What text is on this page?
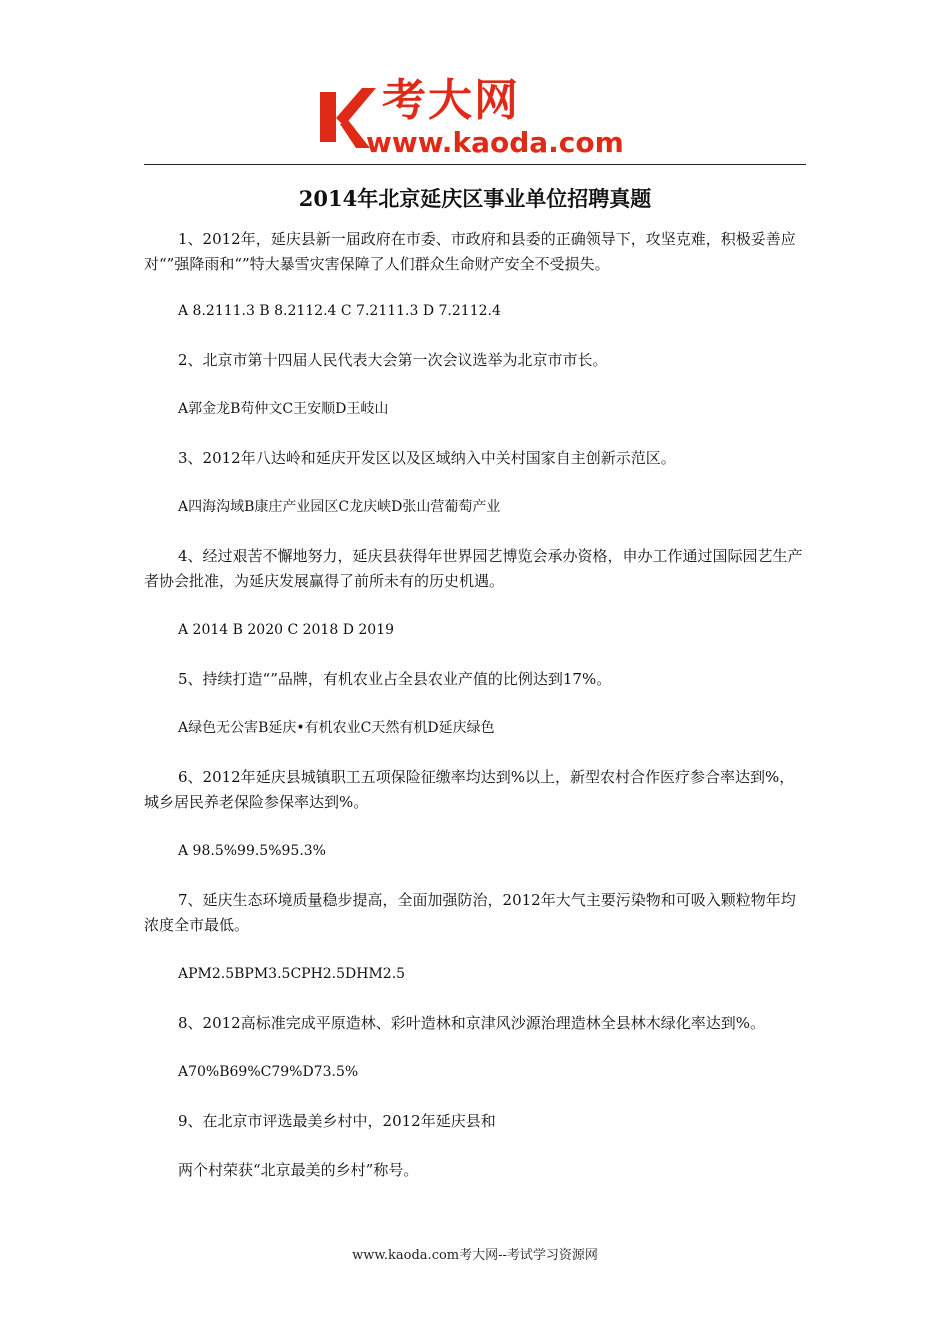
考大网
www.kaoda.com
2014年北京延庆区事业单位招聘真题

1、2012年，延庆县新一届政府在市委、市政府和县委的正确领导下，攻坚克难，积极妥善应对“”强降雨和“”特大暴雪灾害保障了人们群众生命财产安全不受损失。

A 8.2111.3 B 8.2112.4 C 7.2111.3 D 7.2112.4

2、北京市第十四届人民代表大会第一次会议选举为北京市市长。

A郭金龙B苟仲文C王安顺D王岐山

3、2012年八达岭和延庆开发区以及区域纳入中关村国家自主创新示范区。

A四海沟域B康庄产业园区C龙庆峡D张山营葡萄产业

4、经过艰苦不懈地努力，延庆县获得年世界园艺博览会承办资格，申办工作通过国际园艺生产者协会批准，为延庆发展赢得了前所未有的历史机遇。

A 2014 B 2020 C 2018 D 2019

5、持续打造“”品牌，有机农业占全县农业产值的比例达到17%。

A绿色无公害B延庆•有机农业C天然有机D延庆绿色

6、2012年延庆县城镇职工五项保险征缴率均达到%以上，新型农村合作医疗参合率达到%，城乡居民养老保险参保率达到%。

A 98.5%99.5%95.3%

7、延庆生态环境质量稳步提高，全面加强防治，2012年大气主要污染物和可吸入颗粒物年均浓度全市最低。

APM2.5BPM3.5CPH2.5DHM2.5

8、2012高标准完成平原造林、彩叶造林和京津风沙源治理造林全县林木绿化率达到%。

A70%B69%C79%D73.5%

9、在北京市评选最美乡村中，2012年延庆县和

两个村荣获“北京最美的乡村”称号。

www.kaoda.com考大网--考试学习资源网
